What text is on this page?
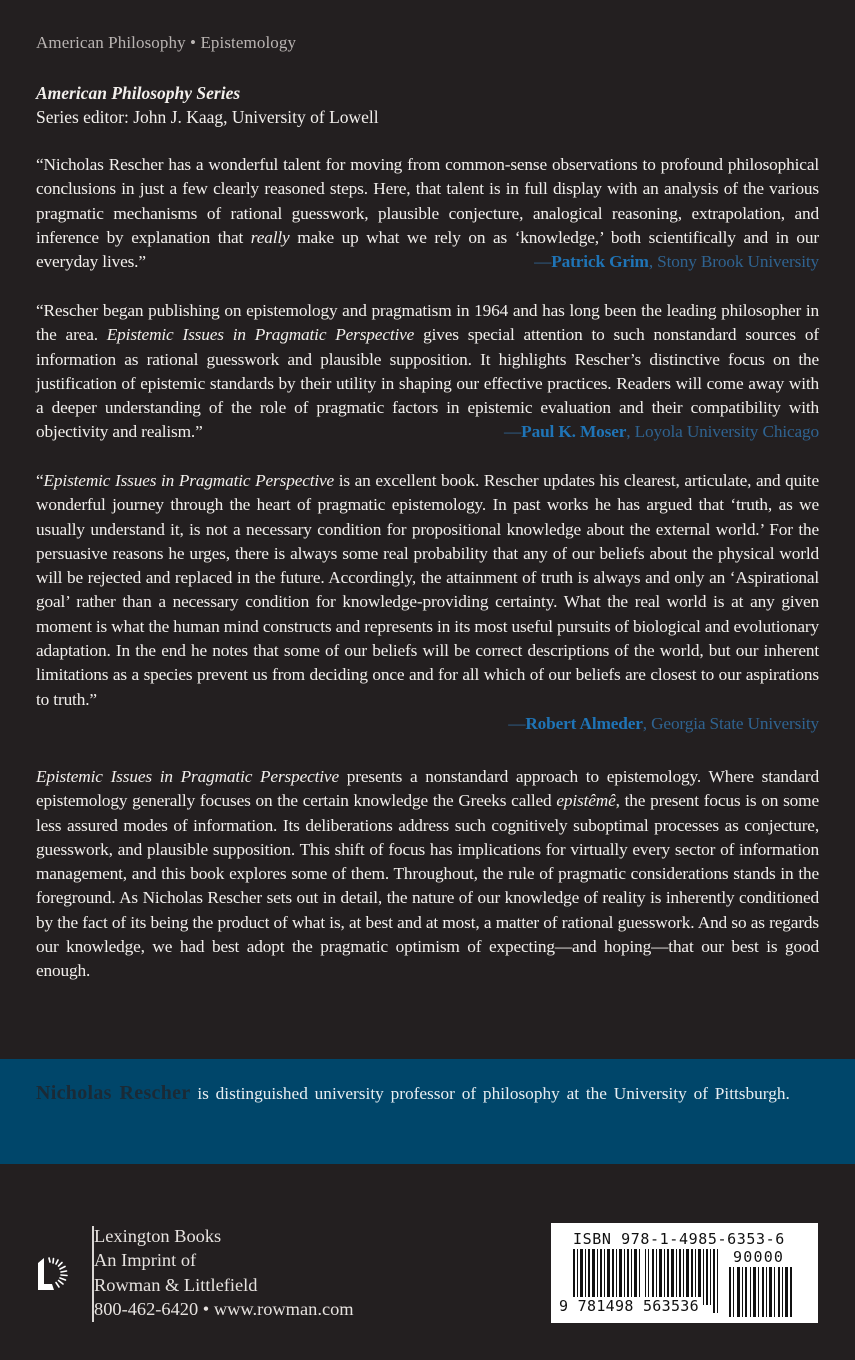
American Philosophy • Epistemology
American Philosophy Series
Series editor: John J. Kaag, University of Lowell
“Nicholas Rescher has a wonderful talent for moving from common-sense observations to profound philosophical conclusions in just a few clearly reasoned steps. Here, that talent is in full display with an analysis of the various pragmatic mechanisms of rational guesswork, plausible conjecture, analogical reasoning, extrapolation, and inference by explanation that really make up what we rely on as ‘knowledge,’ both scientifically and in our everyday lives.”	—Patrick Grim, Stony Brook University
“Rescher began publishing on epistemology and pragmatism in 1964 and has long been the leading philosopher in the area. Epistemic Issues in Pragmatic Perspective gives special attention to such nonstandard sources of information as rational guesswork and plausible supposition. It highlights Rescher’s distinctive focus on the justification of epistemic standards by their utility in shaping our effective practices. Readers will come away with a deeper understanding of the role of pragmatic factors in epistemic evaluation and their compatibility with objectivity and realism.”	—Paul K. Moser, Loyola University Chicago
“Epistemic Issues in Pragmatic Perspective is an excellent book. Rescher updates his clearest, articulate, and quite wonderful journey through the heart of pragmatic epistemology. In past works he has argued that ‘truth, as we usually understand it, is not a necessary condition for propositional knowledge about the external world.’ For the persuasive reasons he urges, there is always some real probability that any of our beliefs about the physical world will be rejected and replaced in the future. Accordingly, the attainment of truth is always and only an ‘Aspirational goal’ rather than a necessary condition for knowledge-providing certainty. What the real world is at any given moment is what the human mind constructs and represents in its most useful pursuits of biological and evolutionary adaptation. In the end he notes that some of our beliefs will be correct descriptions of the world, but our inherent limitations as a species prevent us from deciding once and for all which of our beliefs are closest to our aspirations to truth.”
—Robert Almeder, Georgia State University
Epistemic Issues in Pragmatic Perspective presents a nonstandard approach to epistemology. Where standard epistemology generally focuses on the certain knowledge the Greeks called epistêmê, the present focus is on some less assured modes of information. Its deliberations address such cognitively suboptimal processes as conjecture, guesswork, and plausible supposition. This shift of focus has implications for virtually every sector of information management, and this book explores some of them. Throughout, the rule of pragmatic considerations stands in the foreground. As Nicholas Rescher sets out in detail, the nature of our knowledge of reality is inherently conditioned by the fact of its being the product of what is, at best and at most, a matter of rational guesswork. And so as regards our knowledge, we had best adopt the pragmatic optimism of expecting—and hoping—that our best is good enough.
Nicholas Rescher is distinguished university professor of philosophy at the University of Pittsburgh.
Lexington Books
An Imprint of
Rowman & Littlefield
800-462-6420 • www.rowman.com
ISBN 978-1-4985-6353-6
90000
9 781498 563536
